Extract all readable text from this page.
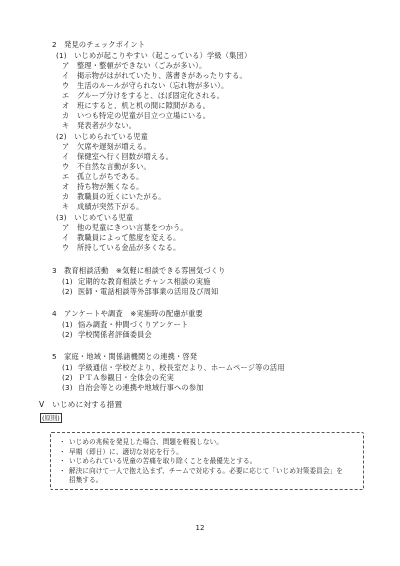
2　発見のチェックポイント
(1)　いじめが起こりやすい（起こっている）学級（集団）
ア 整理・整頓ができない（ごみが多い）。
イ 掲示物がはがれていたり、落書きがあったりする。
ウ 生活のルールが守られない（忘れ物が多い）。
エ グループ分けをすると、ほぼ固定化される。
オ 班にすると、机と机の間に隙間がある。
カ いつも特定の児童が目立つ立場にいる。
キ 発表者が少ない。
(2)　いじめられている児童
ア 欠席や遅刻が増える。
イ 保健室へ行く回数が増える。
ウ 不自然な言動が多い。
エ 孤立しがちである。
オ 持ち物が無くなる。
カ 教職員の近くにいたがる。
キ 成績が突然下がる。
(3)　いじめている児童
ア 他の児童にきつい言葉をつかう。
イ 教職員によって態度を変える。
ウ 所持している金品が多くなる。
3　教育相談活動　※気軽に相談できる雰囲気づくり
(1) 定期的な教育相談とチャンス相談の実施
(2) 医師・電話相談等外部事業の活用及び周知
4　アンケートや調査　※実施時の配慮が重要
(1) 悩み調査・仲間づくりアンケート
(2) 学校関係者評価委員会
5　家庭・地域・関係諸機関との連携・啓発
(1) 学級通信・学校だより、校長室だより、ホームページ等の活用
(2) ＰＴＡ参観日・全体会の充実
(3) 自治会等との連携や地域行事への参加
Ⅴ　いじめに対する措置
(原則)
・ いじめの兆候を発見した場合、問題を軽視しない。
・ 早期（即日）に、適切な対応を行う。
・ いじめられている児童の苦痛を取り除くことを最優先とする。
・ 解決に向けて一人で抱え込まず、チームで対応する。必要に応じて「いじめ対策委員会」を
招集する。
12
